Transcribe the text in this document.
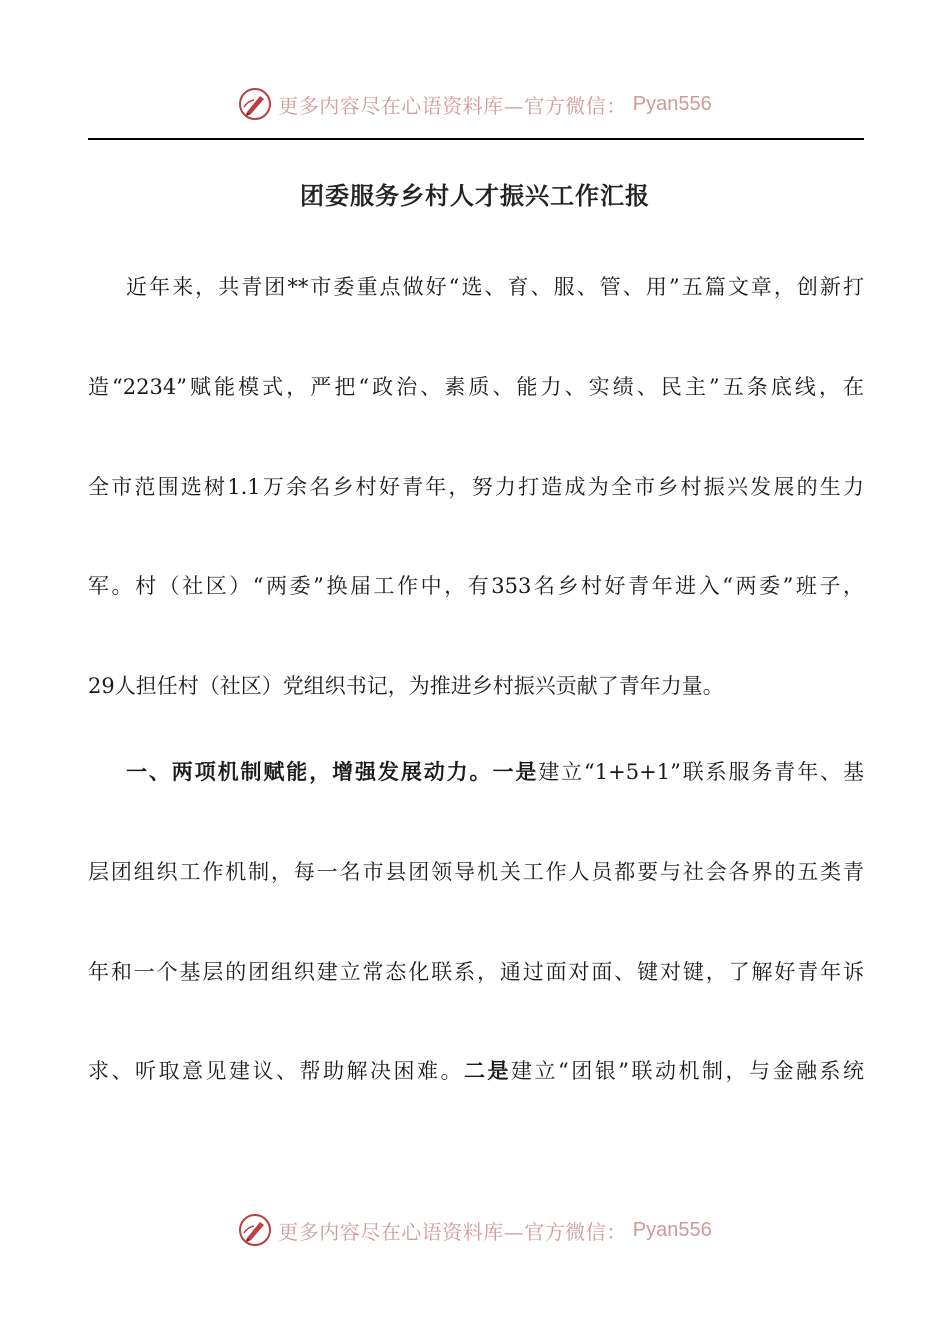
更多内容尽在心语资料库—官方微信： Pyan556
团委服务乡村人才振兴工作汇报
近年来，共青团**市委重点做好“选、育、服、管、用”五篇文章，创新打
造“2234”赋能模式，严把“政治、素质、能力、实绩、民主”五条底线，在
全市范围选树1.1万余名乡村好青年，努力打造成为全市乡村振兴发展的生力
军。村（社区）“两委”换届工作中，有353名乡村好青年进入“两委”班子，
29人担任村（社区）党组织书记，为推进乡村振兴贡献了青年力量。
一、两项机制赋能，增强发展动力。一是建立“1+5+1”联系服务青年、基
层团组织工作机制，每一名市县团领导机关工作人员都要与社会各界的五类青
年和一个基层的团组织建立常态化联系，通过面对面、键对键，了解好青年诉
求、听取意见建议、帮助解决困难。二是建立“团银”联动机制，与金融系统
更多内容尽在心语资料库—官方微信： Pyan556
